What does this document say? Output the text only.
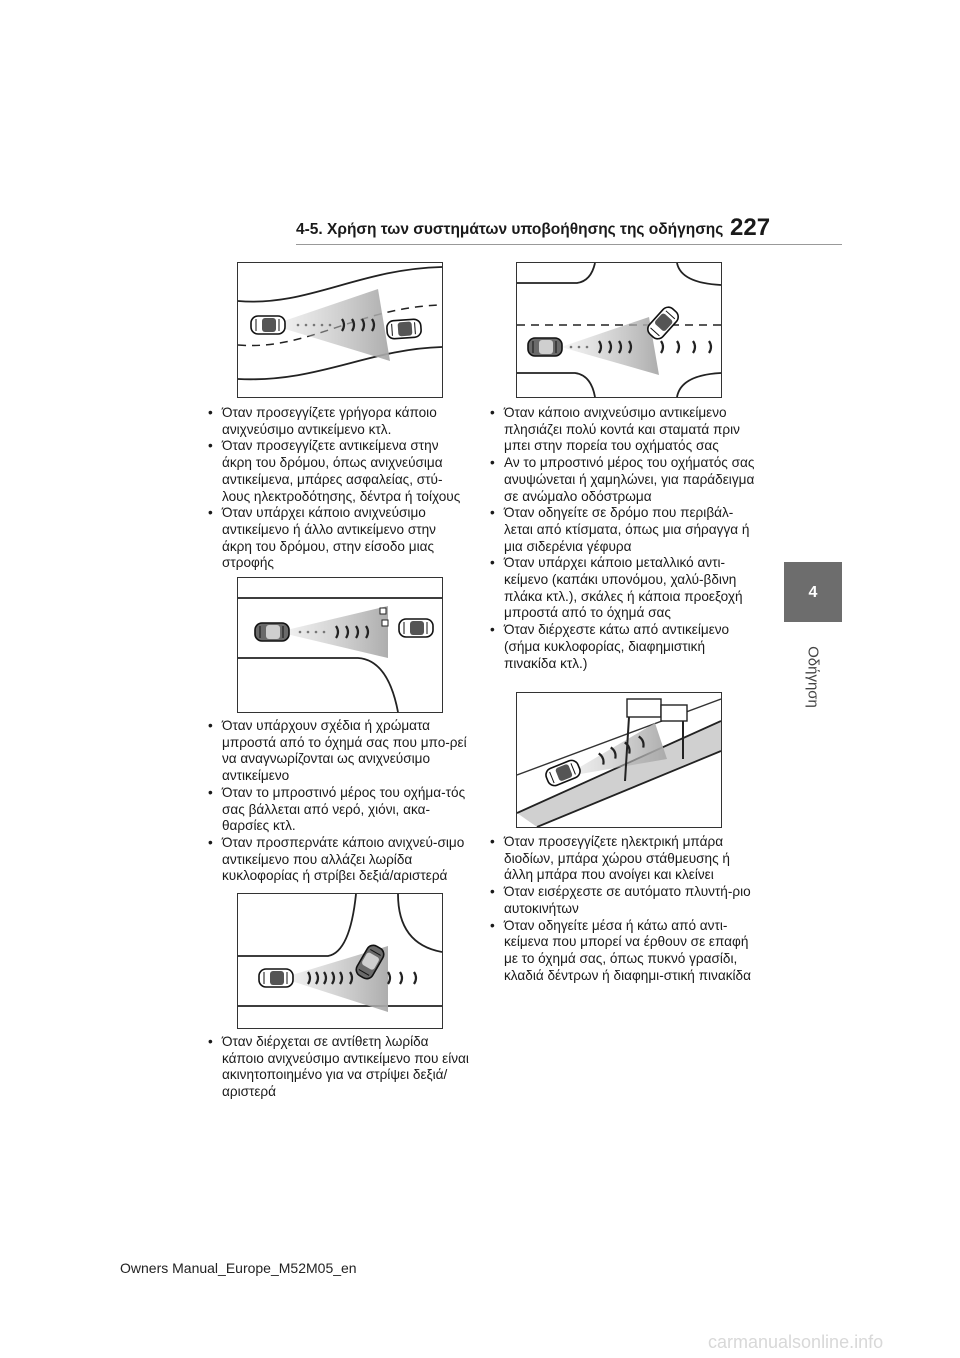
4-5. Χρήση των συστημάτων υποβοήθησης της οδήγησης 227
4
Οδήγηση
• Όταν προσεγγίζετε γρήγορα κάποιο ανιχνεύσιμο αντικείμενο κτλ.
• Όταν προσεγγίζετε αντικείμενα στην άκρη του δρόμου, όπως ανιχνεύσιμα αντικείμενα, μπάρες ασφαλείας, στύ-λους ηλεκτροδότησης, δέντρα ή τοίχους
• Όταν υπάρχει κάποιο ανιχνεύσιμο αντικείμενο ή άλλο αντικείμενο στην άκρη του δρόμου, στην είσοδο μιας στροφής
• Όταν υπάρχουν σχέδια ή χρώματα μπροστά από το όχημά σας που μπο-ρεί να αναγνωρίζονται ως ανιχνεύσιμο αντικείμενο
• Όταν το μπροστινό μέρος του οχήμα-τός σας βάλλεται από νερό, χιόνι, ακα-θαρσίες κτλ.
• Όταν προσπερνάτε κάποιο ανιχνεύ-σιμο αντικείμενο που αλλάζει λωρίδα κυκλοφορίας ή στρίβει δεξιά/αριστερά
• Όταν διέρχεται σε αντίθετη λωρίδα κάποιο ανιχνεύσιμο αντικείμενο που είναι ακινητοποιημένο για να στρίψει δεξιά/αριστερά
• Όταν κάποιο ανιχνεύσιμο αντικείμενο πλησιάζει πολύ κοντά και σταματά πριν μπει στην πορεία του οχήματός σας
• Αν το μπροστινό μέρος του οχήματός σας ανυψώνεται ή χαμηλώνει, για παράδειγμα σε ανώμαλο οδόστρωμα
• Όταν οδηγείτε σε δρόμο που περιβάλ-λεται από κτίσματα, όπως μια σήραγγα ή μια σιδερένια γέφυρα
• Όταν υπάρχει κάποιο μεταλλικό αντι-κείμενο (καπάκι υπονόμου, χαλύ-βδινη πλάκα κτλ.), σκάλες ή κάποια προεξοχή μπροστά από το όχημά σας
• Όταν διέρχεστε κάτω από αντικείμενο (σήμα κυκλοφορίας, διαφημιστική πινακίδα κτλ.)
• Όταν προσεγγίζετε ηλεκτρική μπάρα διοδίων, μπάρα χώρου στάθμευσης ή άλλη μπάρα που ανοίγει και κλείνει
• Όταν εισέρχεστε σε αυτόματο πλυντή-ριο αυτοκινήτων
• Όταν οδηγείτε μέσα ή κάτω από αντι-κείμενα που μπορεί να έρθουν σε επαφή με το όχημά σας, όπως πυκνό γρασίδι, κλαδιά δέντρων ή διαφημι-στική πινακίδα
Owners Manual_Europe_M52M05_en
carmanualsonline.info
